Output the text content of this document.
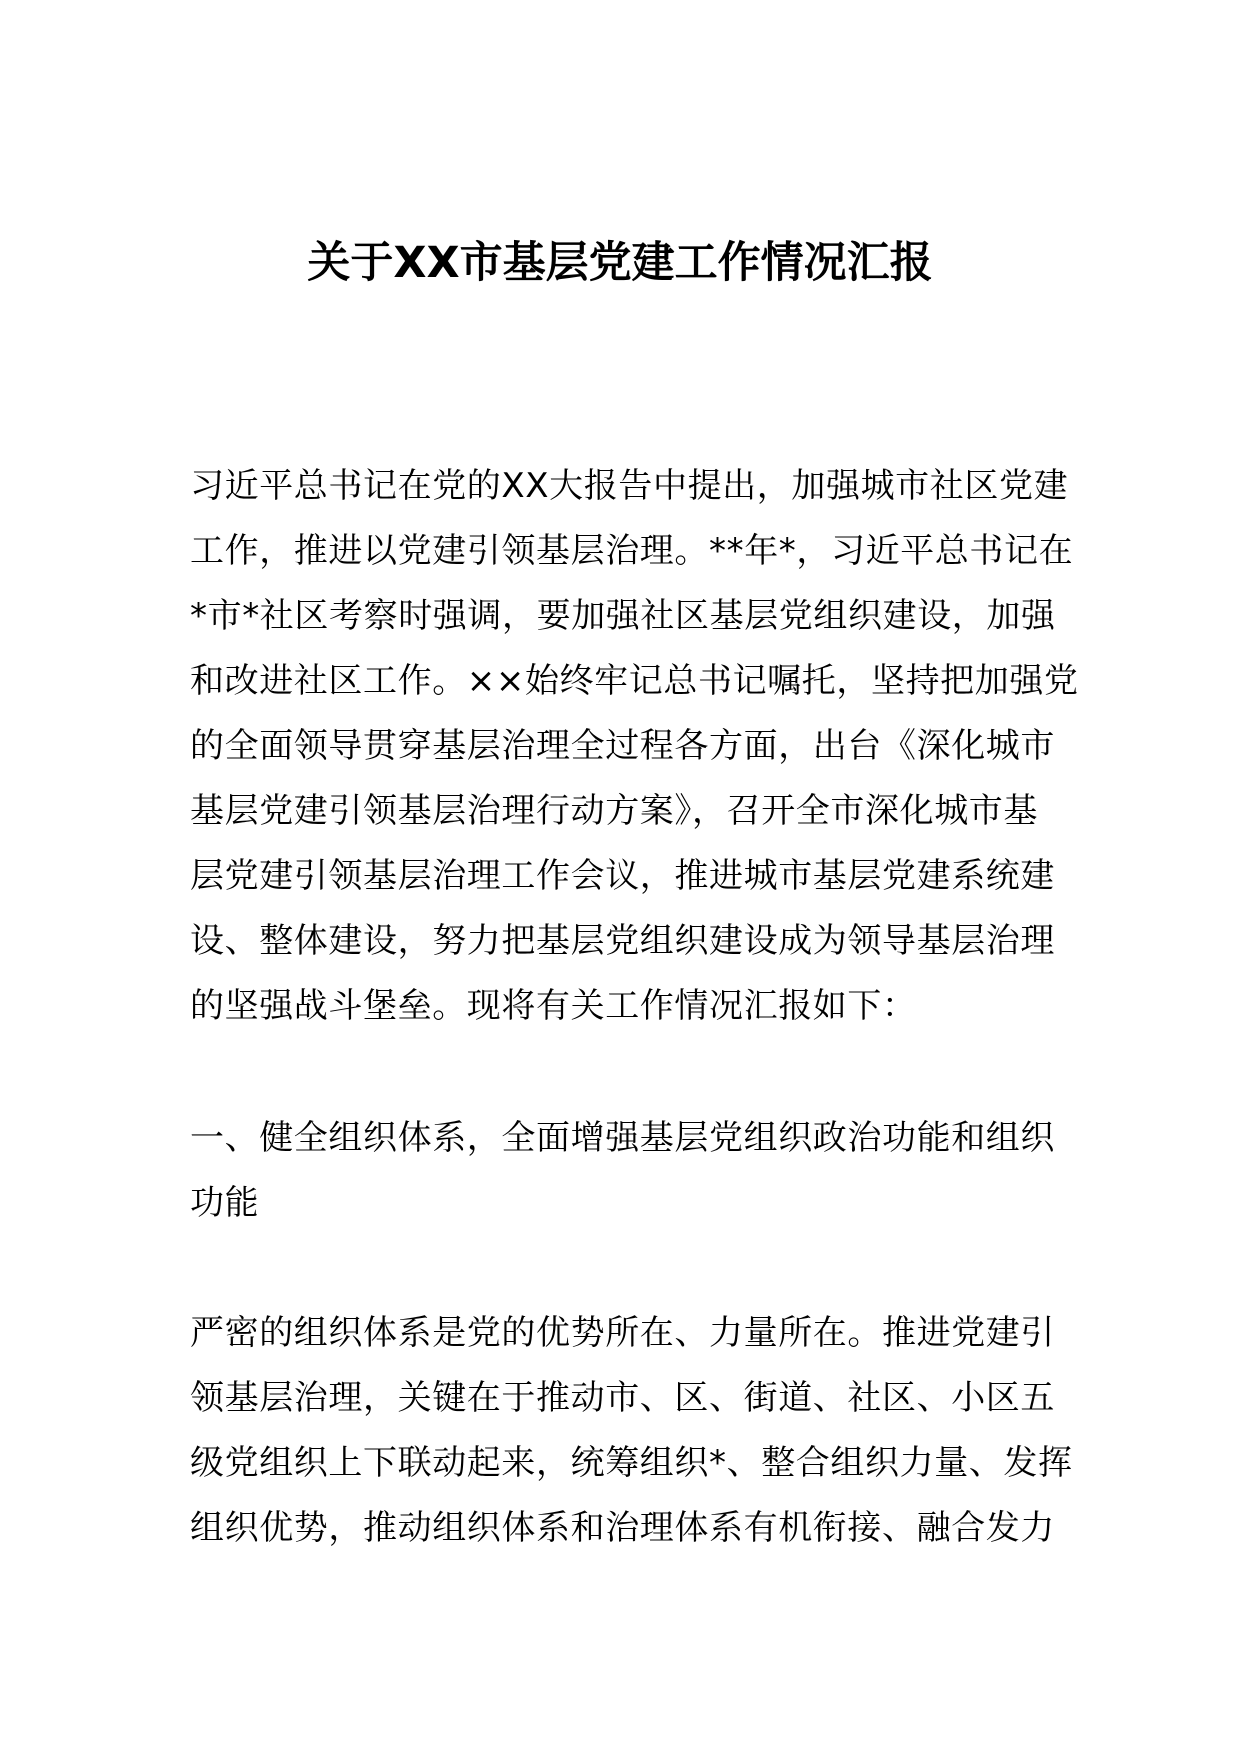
关于XX市基层党建工作情况汇报
习近平总书记在党的XX大报告中提出，加强城市社区党建
工作，推进以党建引领基层治理。**年*，习近平总书记在
*市*社区考察时强调，要加强社区基层党组织建设，加强
和改进社区工作。××始终牢记总书记嘱托，坚持把加强党
的全面领导贯穿基层治理全过程各方面，出台《深化城市
基层党建引领基层治理行动方案》，召开全市深化城市基
层党建引领基层治理工作会议，推进城市基层党建系统建
设、整体建设，努力把基层党组织建设成为领导基层治理
的坚强战斗堡垒。现将有关工作情况汇报如下：
一、健全组织体系，全面增强基层党组织政治功能和组织
功能
严密的组织体系是党的优势所在、力量所在。推进党建引
领基层治理，关键在于推动市、区、街道、社区、小区五
级党组织上下联动起来，统筹组织*、整合组织力量、发挥
组织优势，推动组织体系和治理体系有机衔接、融合发力
